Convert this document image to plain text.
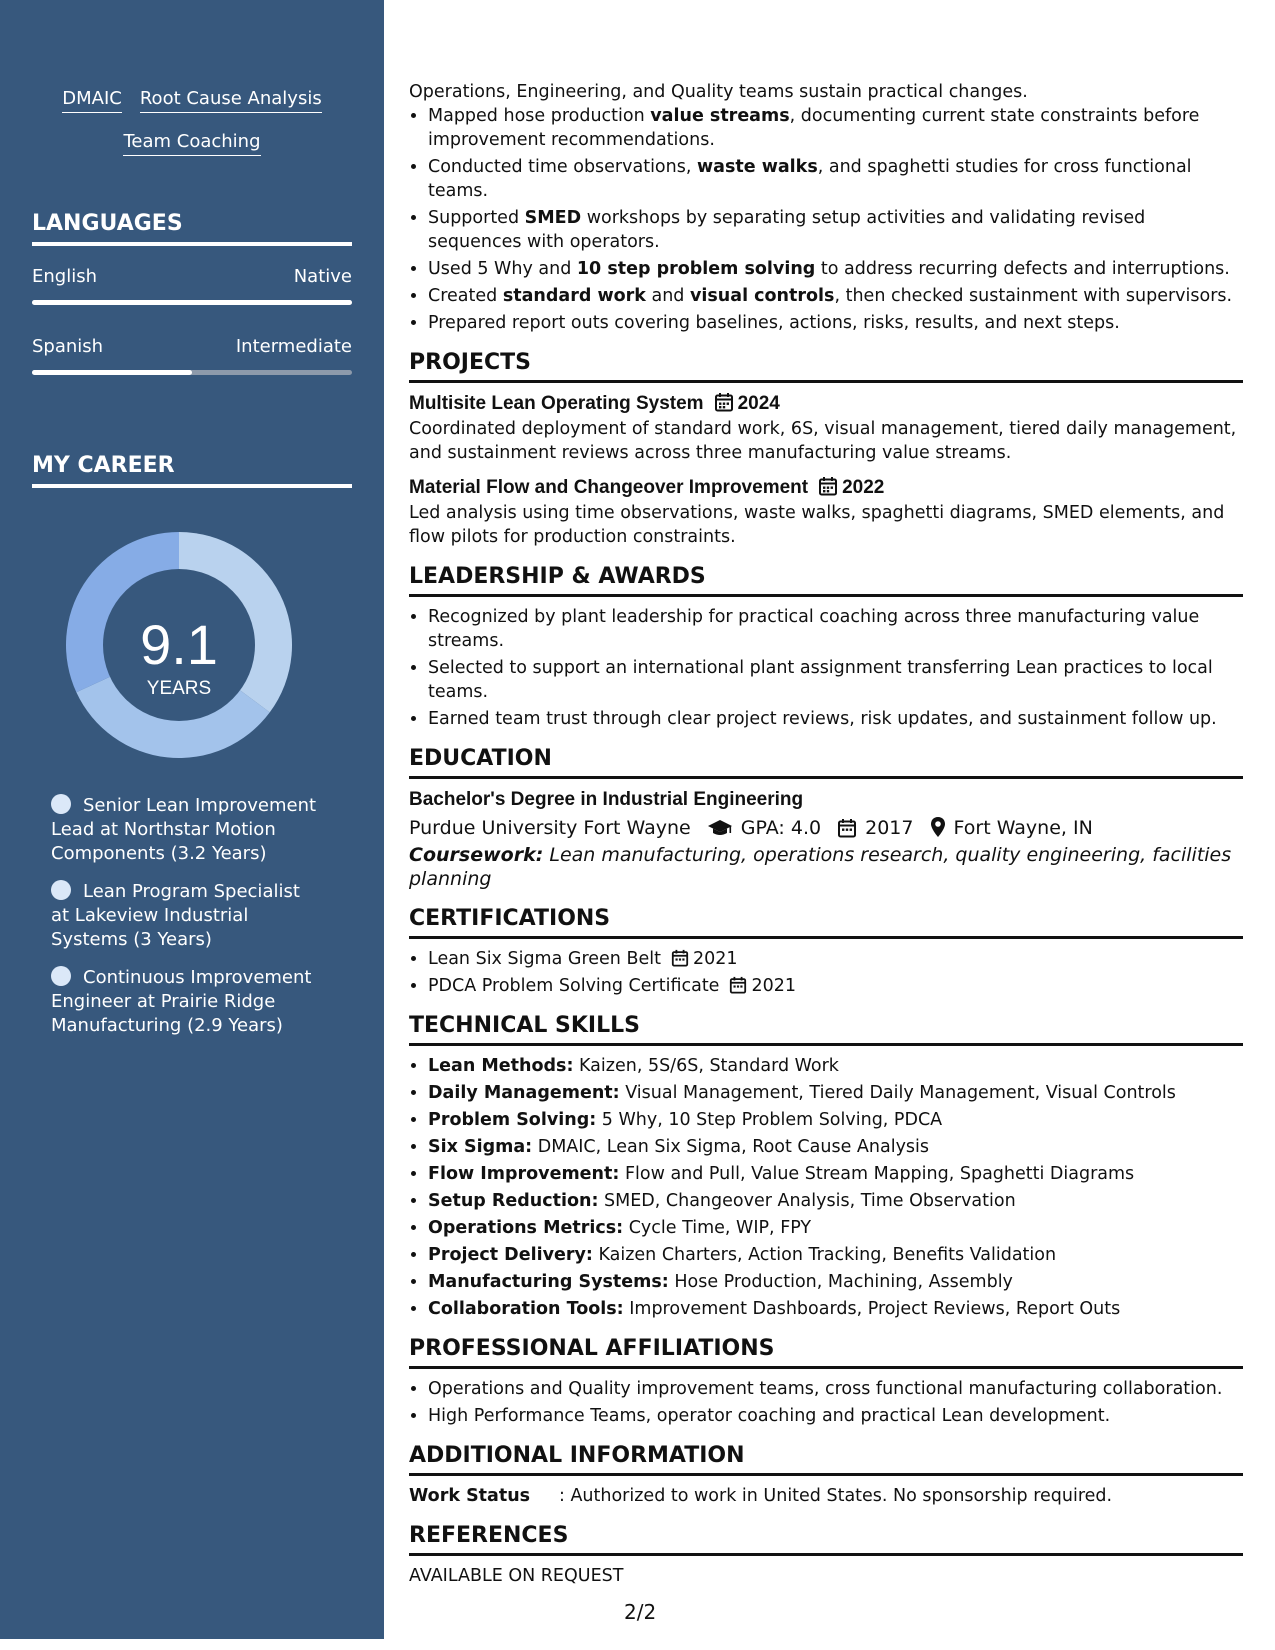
DMAIC Root Cause Analysis
Team Coaching
LANGUAGES
English	Native
Spanish	Intermediate
MY CAREER
9.1
YEARS
Senior Lean Improvement Lead at Northstar Motion Components (3.2 Years)
Lean Program Specialist at Lakeview Industrial Systems (3 Years)
Continuous Improvement Engineer at Prairie Ridge Manufacturing (2.9 Years)
Operations, Engineering, and Quality teams sustain practical changes.
• Mapped hose production value streams, documenting current state constraints before improvement recommendations.
• Conducted time observations, waste walks, and spaghetti studies for cross functional teams.
• Supported SMED workshops by separating setup activities and validating revised sequences with operators.
• Used 5 Why and 10 step problem solving to address recurring defects and interruptions.
• Created standard work and visual controls, then checked sustainment with supervisors.
• Prepared report outs covering baselines, actions, risks, results, and next steps.
PROJECTS
Multisite Lean Operating System 2024
Coordinated deployment of standard work, 6S, visual management, tiered daily management, and sustainment reviews across three manufacturing value streams.
Material Flow and Changeover Improvement 2022
Led analysis using time observations, waste walks, spaghetti diagrams, SMED elements, and flow pilots for production constraints.
LEADERSHIP & AWARDS
• Recognized by plant leadership for practical coaching across three manufacturing value streams.
• Selected to support an international plant assignment transferring Lean practices to local teams.
• Earned team trust through clear project reviews, risk updates, and sustainment follow up.
EDUCATION
Bachelor's Degree in Industrial Engineering
Purdue University Fort Wayne	GPA: 4.0 2017 Fort Wayne, IN
Coursework: Lean manufacturing, operations research, quality engineering, facilities planning
CERTIFICATIONS
• Lean Six Sigma Green Belt 2021
• PDCA Problem Solving Certificate 2021
TECHNICAL SKILLS
• Lean Methods: Kaizen, 5S/6S, Standard Work
• Daily Management: Visual Management, Tiered Daily Management, Visual Controls
• Problem Solving: 5 Why, 10 Step Problem Solving, PDCA
• Six Sigma: DMAIC, Lean Six Sigma, Root Cause Analysis
• Flow Improvement: Flow and Pull, Value Stream Mapping, Spaghetti Diagrams
• Setup Reduction: SMED, Changeover Analysis, Time Observation
• Operations Metrics: Cycle Time, WIP, FPY
• Project Delivery: Kaizen Charters, Action Tracking, Benefits Validation
• Manufacturing Systems: Hose Production, Machining, Assembly
• Collaboration Tools: Improvement Dashboards, Project Reviews, Report Outs
PROFESSIONAL AFFILIATIONS
• Operations and Quality improvement teams, cross functional manufacturing collaboration.
• High Performance Teams, operator coaching and practical Lean development.
ADDITIONAL INFORMATION
Work Status	: Authorized to work in United States. No sponsorship required.
REFERENCES
AVAILABLE ON REQUEST
2/2
